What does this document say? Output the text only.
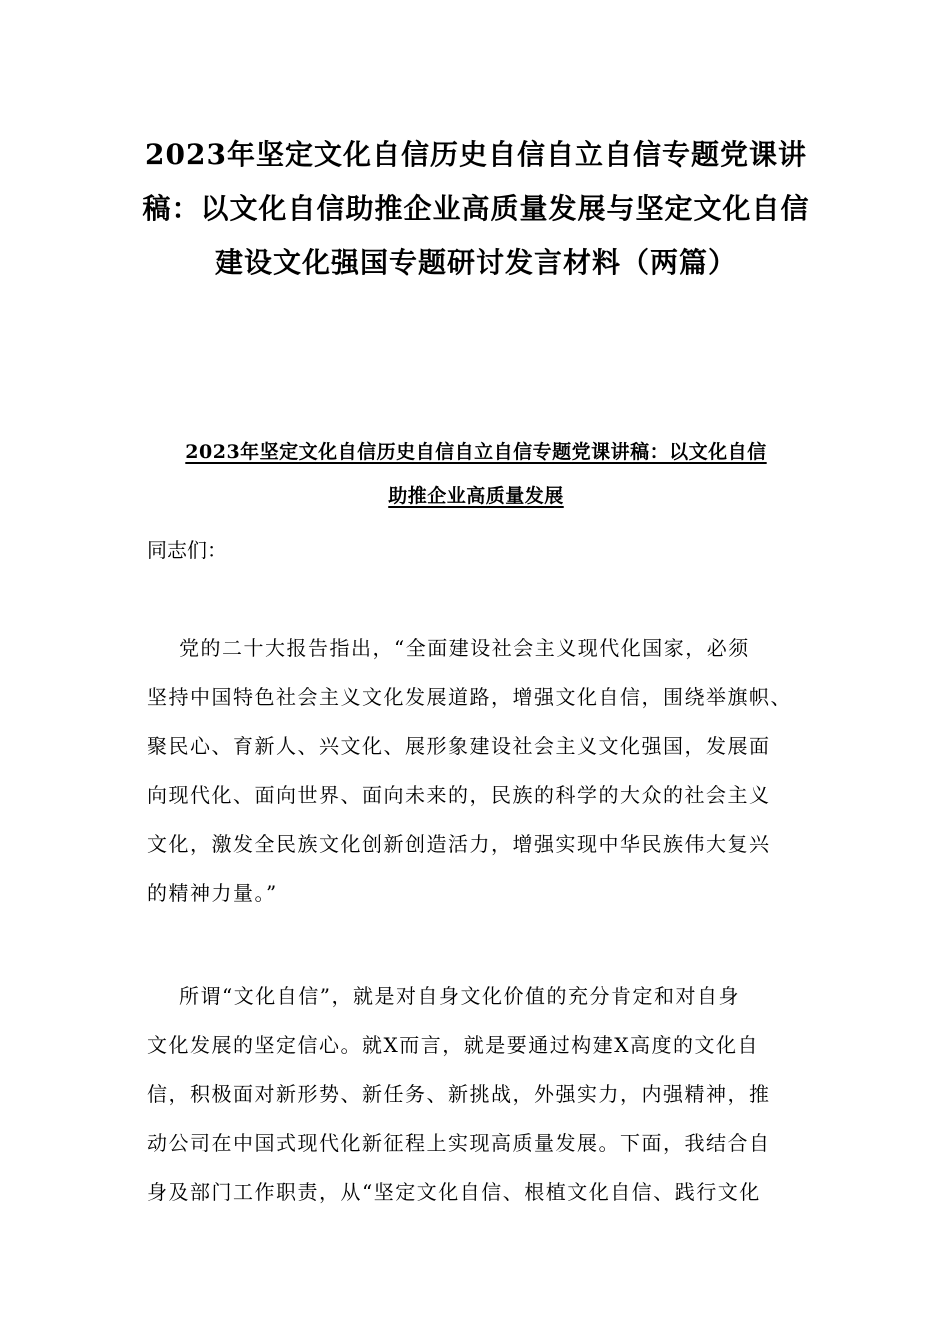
2023年坚定文化自信历史自信自立自信专题党课讲
稿：以文化自信助推企业高质量发展与坚定文化自信
建设文化强国专题研讨发言材料（两篇）
2023年坚定文化自信历史自信自立自信专题党课讲稿：以文化自信
助推企业高质量发展

同志们：

党的二十大报告指出，“全面建设社会主义现代化国家，必须
坚持中国特色社会主义文化发展道路，增强文化自信，围绕举旗帜、
聚民心、育新人、兴文化、展形象建设社会主义文化强国，发展面
向现代化、面向世界、面向未来的，民族的科学的大众的社会主义
文化，激发全民族文化创新创造活力，增强实现中华民族伟大复兴
的精神力量。”
所谓“文化自信”，就是对自身文化价值的充分肯定和对自身
文化发展的坚定信心。就X而言，就是要通过构建X高度的文化自
信，积极面对新形势、新任务、新挑战，外强实力，内强精神，推
动公司在中国式现代化新征程上实现高质量发展。下面，我结合自
身及部门工作职责，从“坚定文化自信、根植文化自信、践行文化
